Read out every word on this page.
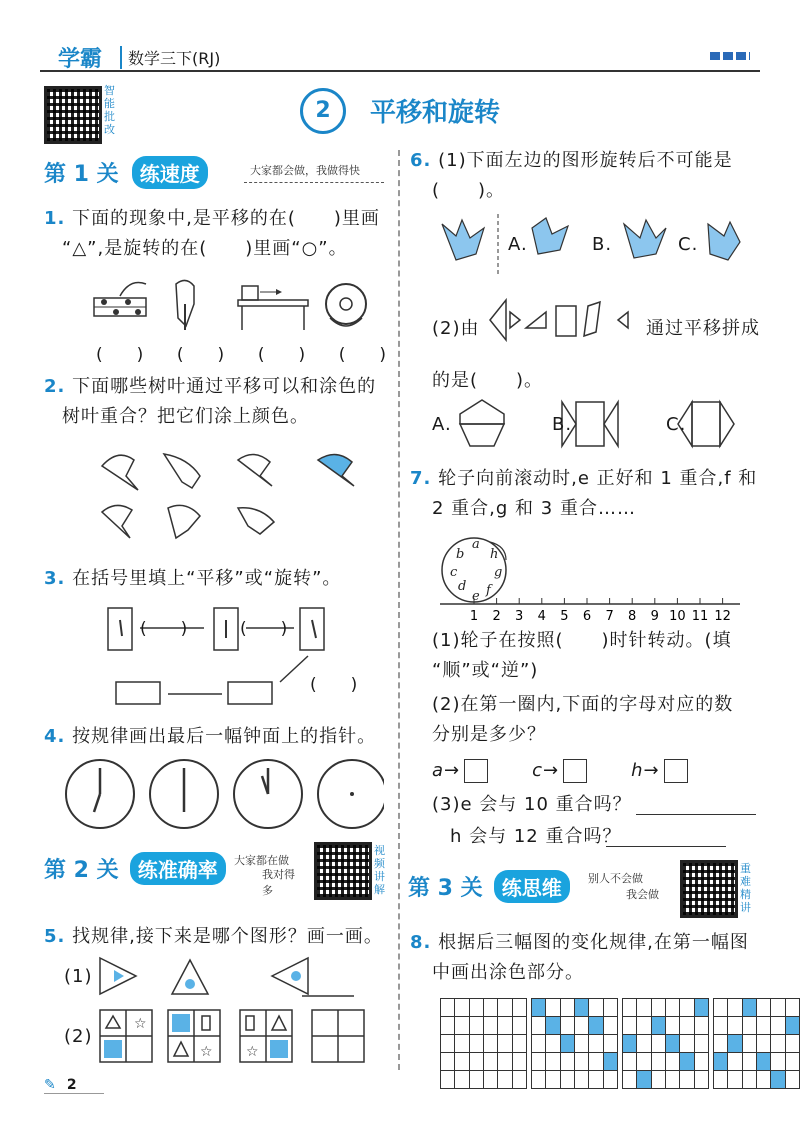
学霸	数学三下(RJ)
智能批改
2	平移和旋转
第 1 关 练速度	大家都会做，我做得快
1. 下面的现象中,是平移的在(　　)里画
“△”,是旋转的在(　　)里画“○”。
(　　) (　　) (　　) (　　)
2. 下面哪些树叶通过平移可以和涂色的
树叶重合？把它们涂上颜色。
3. 在括号里填上“平移”或“旋转”。
(　　)	(　　)
(　　)
4. 按规律画出最后一幅钟面上的指针。
第 2 关 练准确率 大家都在做
我对得多
视频讲解
5. 找规律,接下来是哪个图形？画一画。
(1)
(2)
☆
☆ ☆
✎ 2
6. (1)下面左边的图形旋转后不可能是
(　　)。
A.	B.	C.
(2)由	通过平移拼成
的是(　　)。
A.	B.	C.
7. 轮子向前滚动时,e 正好和 1 重合,f 和
2 重合,g 和 3 重合……
a
b
c
d
e f
g
h
1 2 3 4 5 6 7 8 9 10 11 12
(1)轮子在按照(　　)时针转动。(填
“顺”或“逆”)
(2)在第一圈内,下面的字母对应的数
分别是多少？
a→	c→	h→
(3)e 会与 10 重合吗？
h 会与 12 重合吗？
第 3 关 练思维 别人不会做
我会做
重难精讲
8. 根据后三幅图的变化规律,在第一幅图
中画出涂色部分。
